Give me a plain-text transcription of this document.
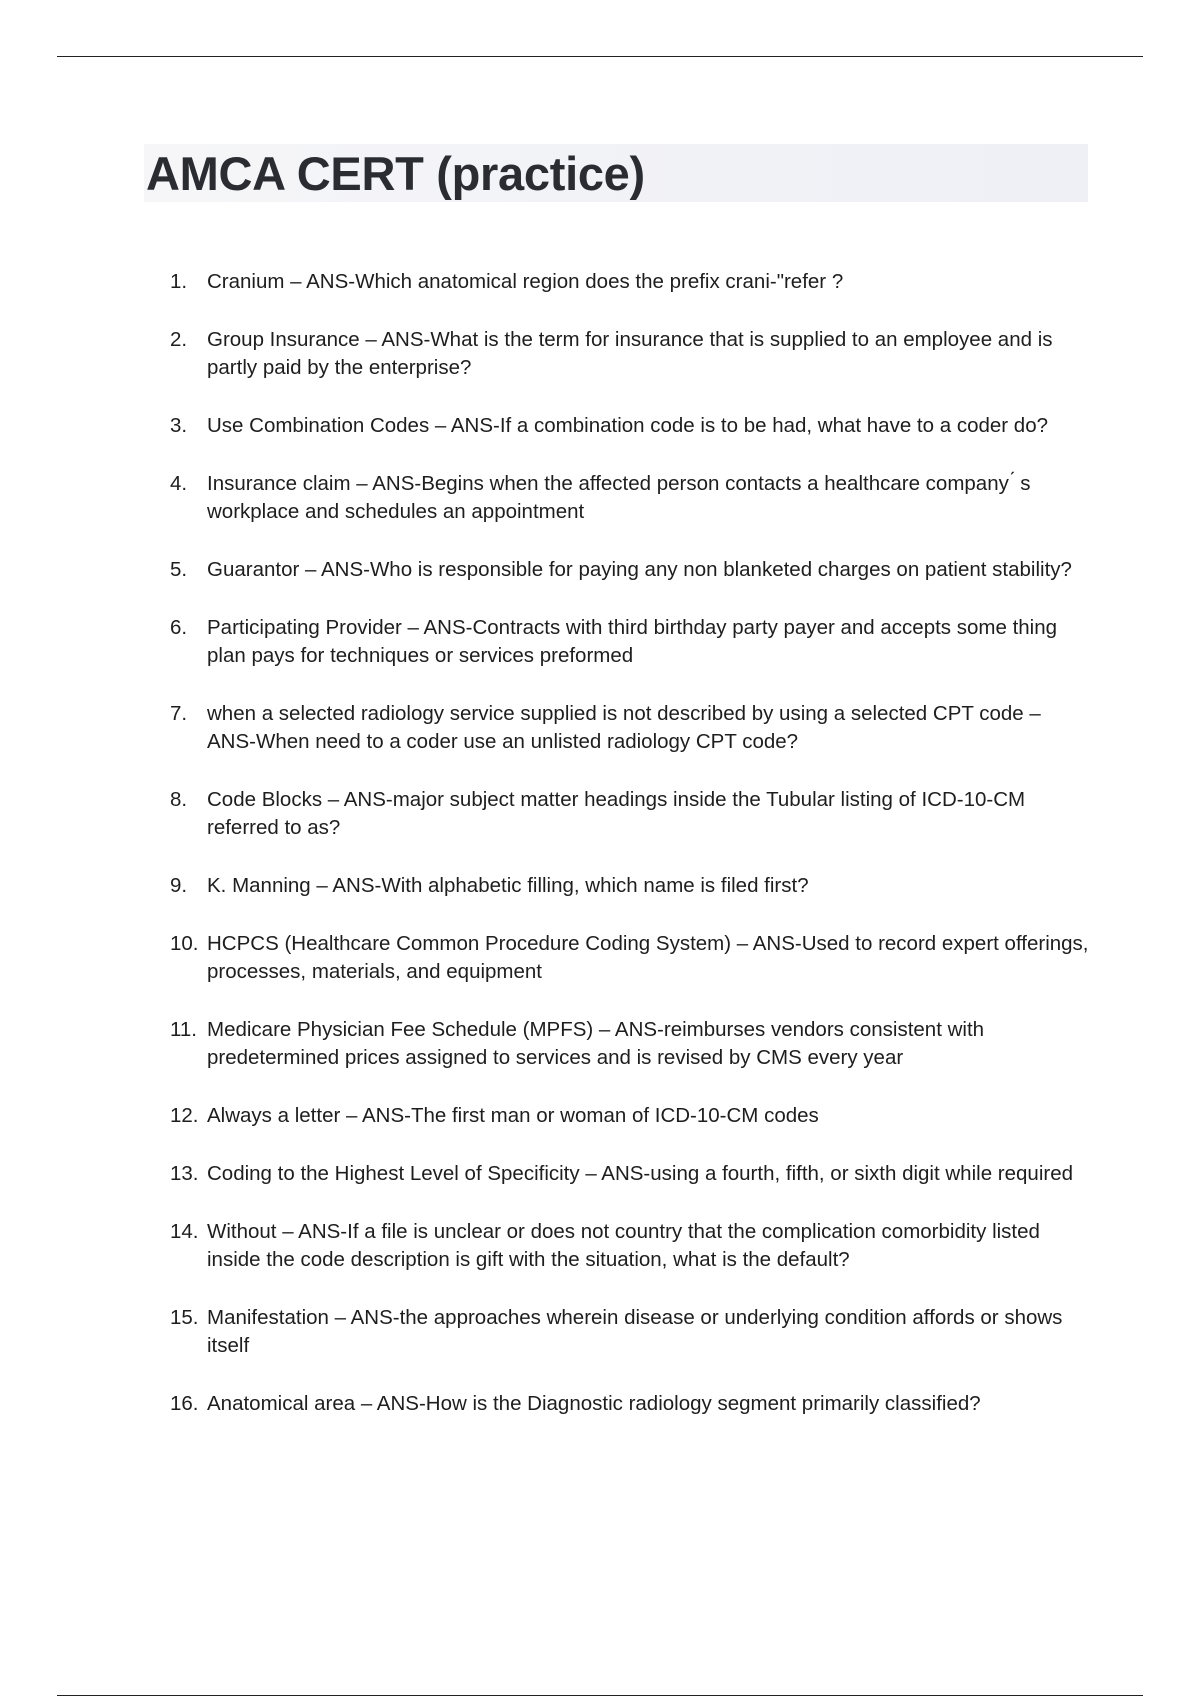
AMCA CERT (practice)
1. Cranium – ANS-Which anatomical region does the prefix crani-"refer ?
2. Group Insurance – ANS-What is the term for insurance that is supplied to an employee and is partly paid by the enterprise?
3. Use Combination Codes – ANS-If a combination code is to be had, what have to a coder do?
4. Insurance claim – ANS-Begins when the affected person contacts a healthcare company ́ s workplace and schedules an appointment
5. Guarantor – ANS-Who is responsible for paying any non blanketed charges on patient stability?
6. Participating Provider – ANS-Contracts with third birthday party payer and accepts some thing plan pays for techniques or services preformed
7. when a selected radiology service supplied is not described by using a selected CPT code – ANS-When need to a coder use an unlisted radiology CPT code?
8. Code Blocks – ANS-major subject matter headings inside the Tubular listing of ICD-10-CM referred to as?
9. K. Manning – ANS-With alphabetic filling, which name is filed first?
10. HCPCS (Healthcare Common Procedure Coding System) – ANS-Used to record expert offerings, processes, materials, and equipment
11. Medicare Physician Fee Schedule (MPFS) – ANS-reimburses vendors consistent with predetermined prices assigned to services and is revised by CMS every year
12. Always a letter – ANS-The first man or woman of ICD-10-CM codes
13. Coding to the Highest Level of Specificity – ANS-using a fourth, fifth, or sixth digit while required
14. Without – ANS-If a file is unclear or does not country that the complication comorbidity listed inside the code description is gift with the situation, what is the default?
15. Manifestation – ANS-the approaches wherein disease or underlying condition affords or shows itself
16. Anatomical area – ANS-How is the Diagnostic radiology segment primarily classified?
